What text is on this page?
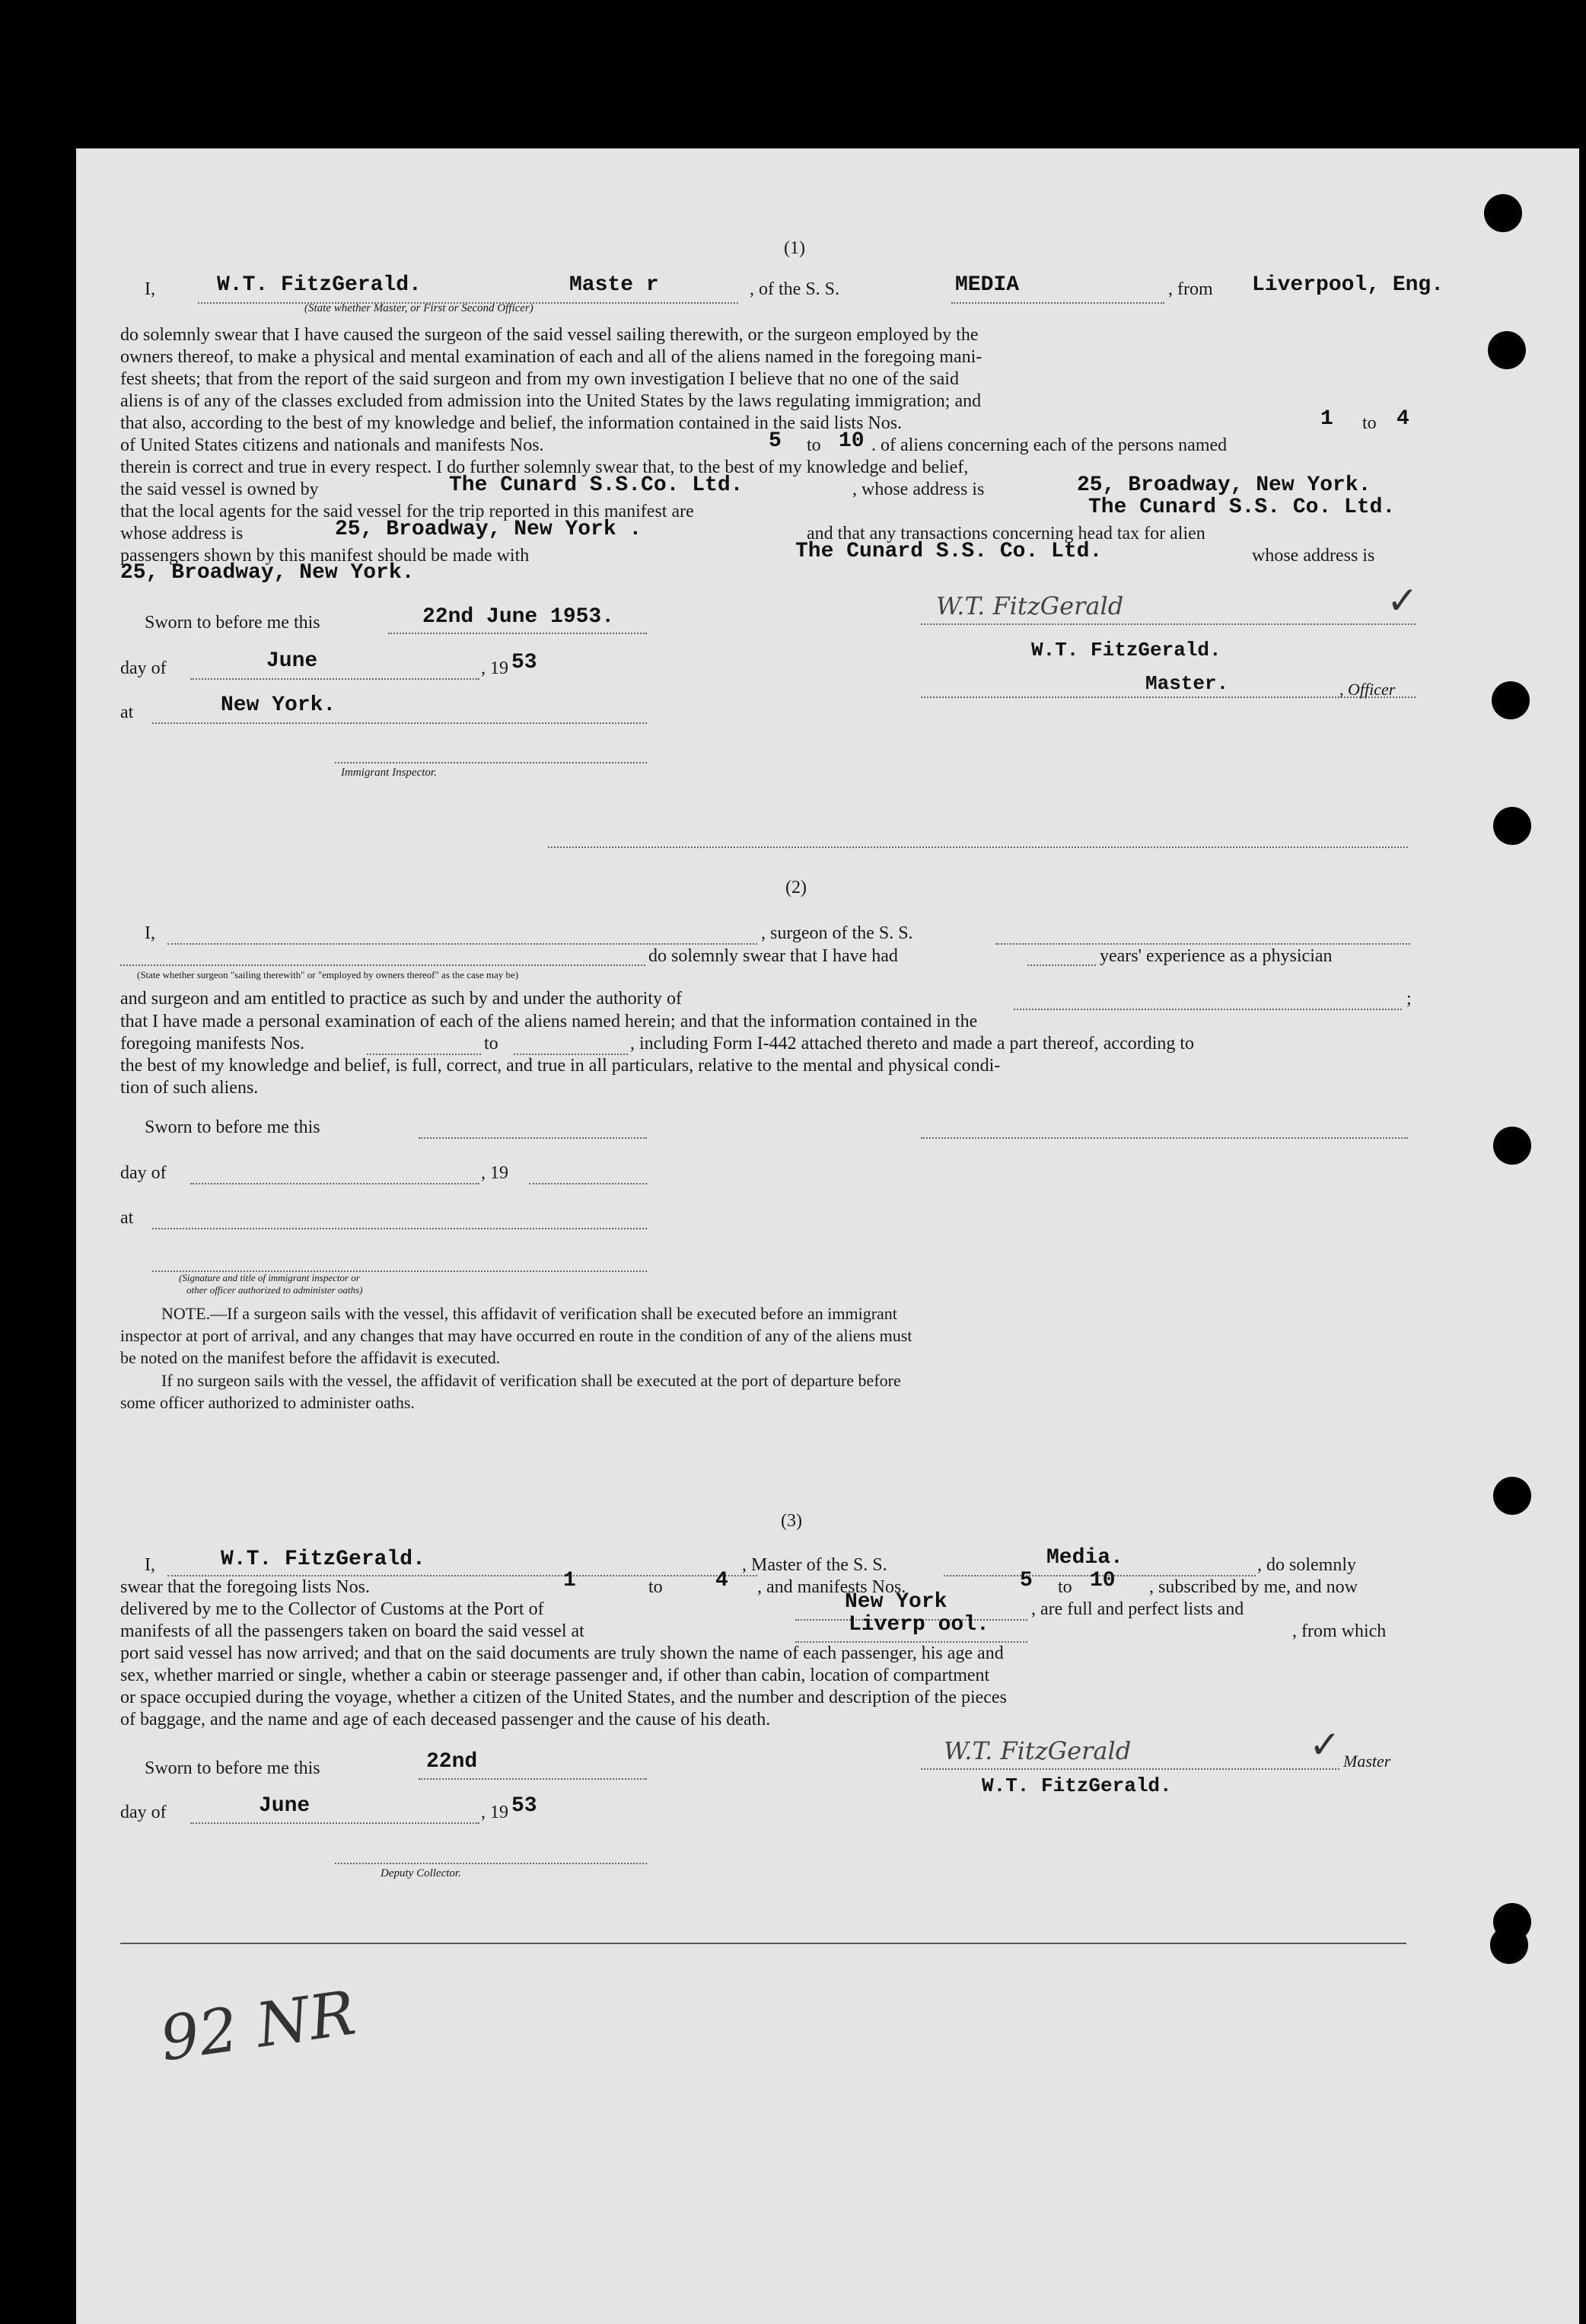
(1)
I,	W.T. FitzGerald.	Maste r	, of the S. S.	MEDIA	, from Liverpool, Eng.
(State whether Master, or First or Second Officer)
do solemnly swear that I have caused the surgeon of the said vessel sailing therewith, or the surgeon employed by the
owners thereof, to make a physical and mental examination of each and all of the aliens named in the foregoing mani-
fest sheets; that from the report of the said surgeon and from my own investigation I believe that no one of the said
aliens is of any of the classes excluded from admission into the United States by the laws regulating immigration; and
that also, according to the best of my knowledge and belief, the information contained in the said lists Nos.	1 to 4
of United States citizens and nationals and manifests Nos.	5 to 10 . of aliens concerning each of the persons named
therein is correct and true in every respect. I do further solemnly swear that, to the best of my knowledge and belief,
the said vessel is owned by	The Cunard S.S.Co. Ltd.	, whose address is	25, Broadway, New York.
that the local agents for the said vessel for the trip reported in this manifest are	The Cunard S.S. Co. Ltd.
whose address is	25, Broadway, New York .	and that any transactions concerning head tax for alien
passengers shown by this manifest should be made with	The Cunard S.S. Co. Ltd.	whose address is
25, Broadway, New York.
Sworn to before me this	22nd June 1953.
day of	June	, 19 53
at	New York.
Immigrant Inspector.
W.T. FitzGerald	✓
W.T. FitzGerald.
Master.	, Officer
(2)
I,	, surgeon of the S. S.
do solemnly swear that I have had	years' experience as a physician
(State whether surgeon "sailing therewith" or "employed by owners thereof" as the case may be)
and surgeon and am entitled to practice as such by and under the authority of	;
that I have made a personal examination of each of the aliens named herein; and that the information contained in the
foregoing manifests Nos.	to	, including Form I-442 attached thereto and made a part thereof, according to
the best of my knowledge and belief, is full, correct, and true in all particulars, relative to the mental and physical condi-
tion of such aliens.
Sworn to before me this
day of	, 19
at
(Signature and title of immigrant inspector or
other officer authorized to administer oaths)
NOTE.—If a surgeon sails with the vessel, this affidavit of verification shall be executed before an immigrant
inspector at port of arrival, and any changes that may have occurred en route in the condition of any of the aliens must
be noted on the manifest before the affidavit is executed.
If no surgeon sails with the vessel, the affidavit of verification shall be executed at the port of departure before
some officer authorized to administer oaths.
(3)
I,	W.T. FitzGerald.	, Master of the S. S.	Media.	, do solemnly
swear that the foregoing lists Nos.	1	to 4 , and manifests Nos.	5 to 10 , subscribed by me, and now
delivered by me to the Collector of Customs at the Port of	New York	, are full and perfect lists and
manifests of all the passengers taken on board the said vessel at	Liverp ool.	, from which
port said vessel has now arrived; and that on the said documents are truly shown the name of each passenger, his age and
sex, whether married or single, whether a cabin or steerage passenger and, if other than cabin, location of compartment
or space occupied during the voyage, whether a citizen of the United States, and the number and description of the pieces
of baggage, and the name and age of each deceased passenger and the cause of his death.
Sworn to before me this	22nd
day of	June	, 19 53
Deputy Collector.
W.T. FitzGerald	✓ Master
W.T. FitzGerald.
92 NR
